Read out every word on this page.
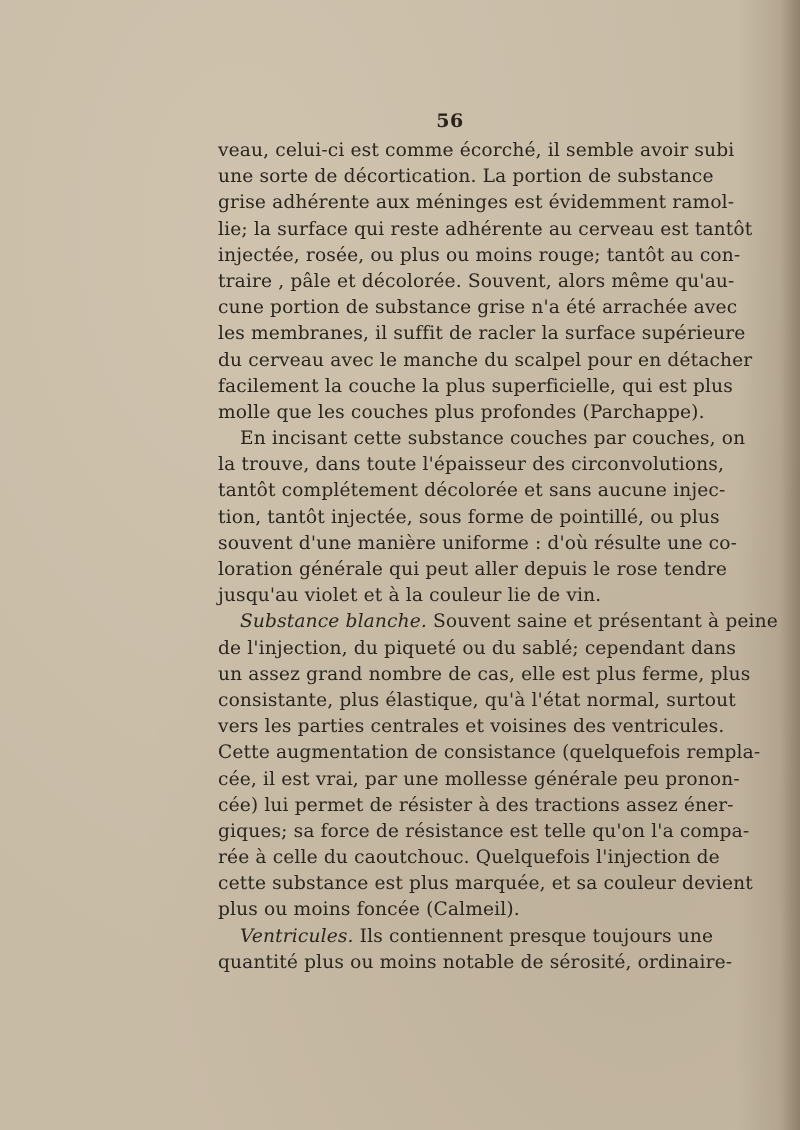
56
veau, celui-ci est comme écorché, il semble avoir subi
une sorte de décortication. La portion de substance
grise adhérente aux méninges est évidemment ramol-
lie; la surface qui reste adhérente au cerveau est tantôt
injectée, rosée, ou plus ou moins rouge; tantôt au con-
traire , pâle et décolorée. Souvent, alors même qu'au-
cune portion de substance grise n'a été arrachée avec
les membranes, il suffit de racler la surface supérieure
du cerveau avec le manche du scalpel pour en détacher
facilement la couche la plus superficielle, qui est plus
molle que les couches plus profondes (Parchappe).
En incisant cette substance couches par couches, on
la trouve, dans toute l'épaisseur des circonvolutions,
tantôt complétement décolorée et sans aucune injec-
tion, tantôt injectée, sous forme de pointillé, ou plus
souvent d'une manière uniforme : d'où résulte une co-
loration générale qui peut aller depuis le rose tendre
jusqu'au violet et à la couleur lie de vin.
Substance blanche. Souvent saine et présentant à peine
de l'injection, du piqueté ou du sablé; cependant dans
un assez grand nombre de cas, elle est plus ferme, plus
consistante, plus élastique, qu'à l'état normal, surtout
vers les parties centrales et voisines des ventricules.
Cette augmentation de consistance (quelquefois rempla-
cée, il est vrai, par une mollesse générale peu pronon-
cée) lui permet de résister à des tractions assez éner-
giques; sa force de résistance est telle qu'on l'a compa-
rée à celle du caoutchouc. Quelquefois l'injection de
cette substance est plus marquée, et sa couleur devient
plus ou moins foncée (Calmeil).
Ventricules. Ils contiennent presque toujours une
quantité plus ou moins notable de sérosité, ordinaire-
